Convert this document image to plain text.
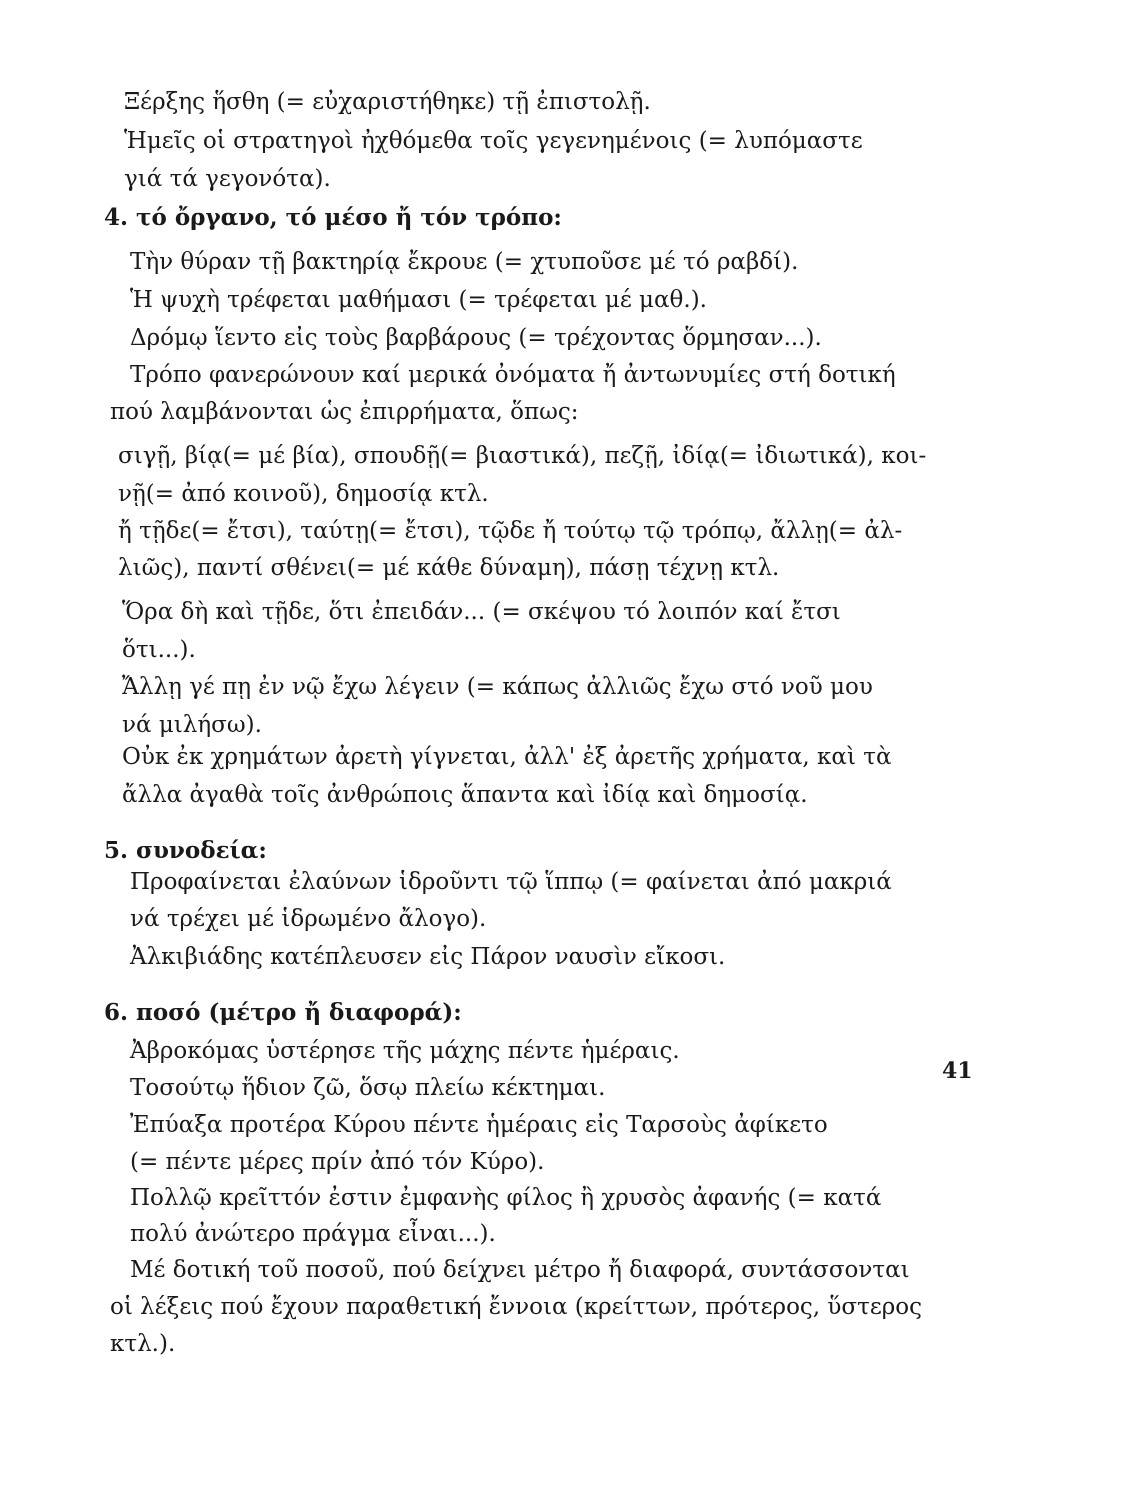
Ξέρξης ἥσθη (= εὐχαριστήθηκε) τῇ ἐπιστολῇ.
Ἡμεῖς οἱ στρατηγοὶ ἠχθόμεθα τοῖς γεγενημένοις (= λυπόμαστε
γιά τά γεγονότα).
4. τό ὄργανο, τό μέσο ἤ τόν τρόπο:
Τὴν θύραν τῇ βακτηρίᾳ ἔκρουε (= χτυποῦσε μέ τό ραβδί).
Ἡ ψυχὴ τρέφεται μαθήμασι (= τρέφεται μέ μαθ.).
Δρόμῳ ἵεντο εἰς τοὺς βαρβάρους (= τρέχοντας ὅρμησαν...).
Τρόπο φανερώνουν καί μερικά ὀνόματα ἤ ἀντωνυμίες στή δοτική
πού λαμβάνονται ὡς ἐπιρρήματα, ὅπως:
σιγῇ, βίᾳ(= μέ βία), σπουδῇ(= βιαστικά), πεζῇ, ἰδίᾳ(= ἰδιωτικά), κοι-
νῇ(= ἀπό κοινοῦ), δημοσίᾳ κτλ.
ἤ τῇδε(= ἔτσι), ταύτῃ(= ἔτσι), τῷδε ἤ τούτῳ τῷ τρόπῳ, ἄλλῃ(= ἀλ-
λιῶς), παντί σθένει(= μέ κάθε δύναμη), πάσῃ τέχνῃ κτλ.
Ὅρα δὴ καὶ τῇδε, ὅτι ἐπειδάν... (= σκέψου τό λοιπόν καί ἔτσι
ὅτι...).
Ἄλλῃ γέ πῃ ἐν νῷ ἔχω λέγειν (= κάπως ἀλλιῶς ἔχω στό νοῦ μου
νά μιλήσω).
Οὐκ ἐκ χρημάτων ἀρετὴ γίγνεται, ἀλλ' ἐξ ἀρετῆς χρήματα, καὶ τὰ
ἄλλα ἀγαθὰ τοῖς ἀνθρώποις ἅπαντα καὶ ἰδίᾳ καὶ δημοσίᾳ.
5. συνοδεία:
Προφαίνεται ἐλαύνων ἱδροῦντι τῷ ἵππῳ (= φαίνεται ἀπό μακριά
νά τρέχει μέ ἱδρωμένο ἄλογο).
Ἀλκιβιάδης κατέπλευσεν εἰς Πάρον ναυσὶν εἴκοσι.
6. ποσό (μέτρο ἤ διαφορά):
Ἀβροκόμας ὑστέρησε τῆς μάχης πέντε ἡμέραις.
Τοσούτῳ ἥδιον ζῶ, ὅσῳ πλείω κέκτημαι.
Ἐπύαξα προτέρα Κύρου πέντε ἡμέραις εἰς Ταρσοὺς ἀφίκετο
(= πέντε μέρες πρίν ἀπό τόν Κύρο).
Πολλῷ κρεῖττόν ἐστιν ἐμφανὴς φίλος ἢ χρυσὸς ἀφανής (= κατά
πολύ ἀνώτερο πράγμα εἶναι...).
Μέ δοτική τοῦ ποσοῦ, πού δείχνει μέτρο ἤ διαφορά, συντάσσονται
οἱ λέξεις πού ἔχουν παραθετική ἔννοια (κρείττων, πρότερος, ὕστερος
κτλ.).
41
